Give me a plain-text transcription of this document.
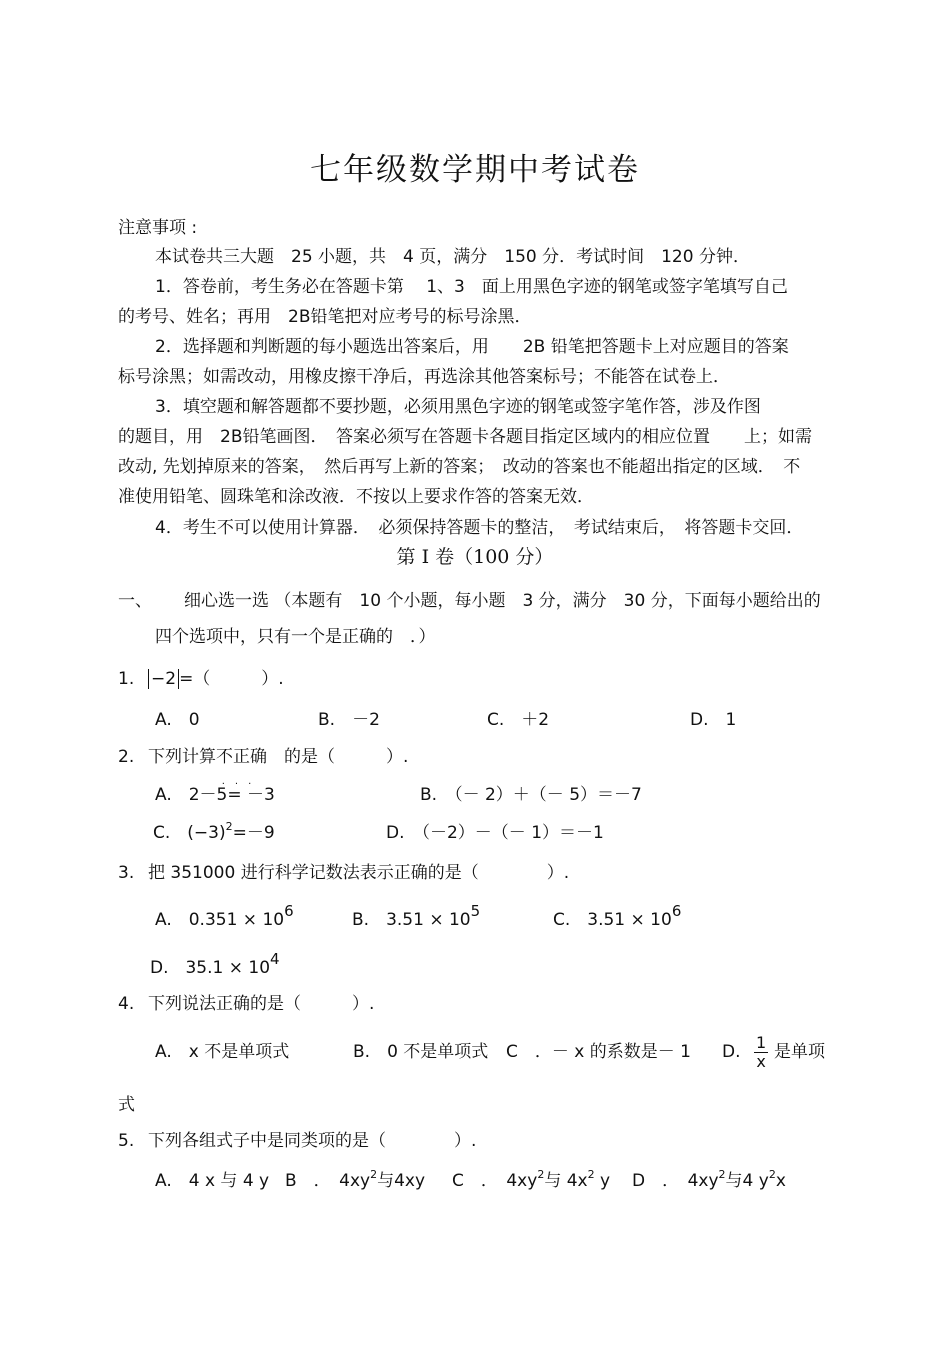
七年级数学期中考试卷
注意事项 :
本试卷共三大题　25 小题，共　4 页，满分　150 分．考试时间　120 分钟．
1．答卷前，考生务必在答题卡第　 1、3　面上用黑色字迹的钢笔或签字笔填写自己
的考号、姓名；再用　2B铅笔把对应考号的标号涂黑．
2．选择题和判断题的每小题选出答案后，用　　2B 铅笔把答题卡上对应题目的答案
标号涂黑；如需改动，用橡皮擦干净后，再选涂其他答案标号；不能答在试卷上．
3．填空题和解答题都不要抄题，必须用黑色字迹的钢笔或签字笔作答，涉及作图
的题目，用　2B铅笔画图．　答案必须写在答题卡各题目指定区域内的相应位置　　上；如需
改动, 先划掉原来的答案，　然后再写上新的答案；　改动的答案也不能超出指定的区域．　不
准使用铅笔、圆珠笔和涂改液．不按以上要求作答的答案无效．
4．考生不可以使用计算器．　必须保持答题卡的整洁，　考试结束后，　将答题卡交回．
第 I 卷（100 分）
一、 细心选一选 （本题有　10 个小题，每小题　3 分，满分　30 分，下面每小题给出的
四个选项中，只有一个是正确的　．）
1. −2 =（　　　）.
A.　0	B.　－2	C.　＋2	D.　1
2. 下列计算不正确
...
　的是（　　　）.
A.　2－5= －3	B.　（－ 2）＋（－ 5）＝－7
C.　$(-3)^2=-9$	D.　（－2）－（－ 1）＝－1
3. 把 351000 进行科学记数法表示正确的是（　　　　）.
A.　0.351 × 106	B.　3.51 × 105	C.　3.51 × 106
D.　35.1 × 104
4. 下列说法正确的是（　　　）.
A.　x 不是单项式	B.　0 不是单项式 C　．－ x 的系数是－ 1 D. $\frac{1}{x}$ 是单项
式
5. 下列各组式子中是同类项的是（　　　　）.
A.　4 x 与 4 y B　．　$4xy^2$与4xy C　．　$4xy^2$与 $4x^2$ y D　．　$4xy^2$与4 $y^2x$
